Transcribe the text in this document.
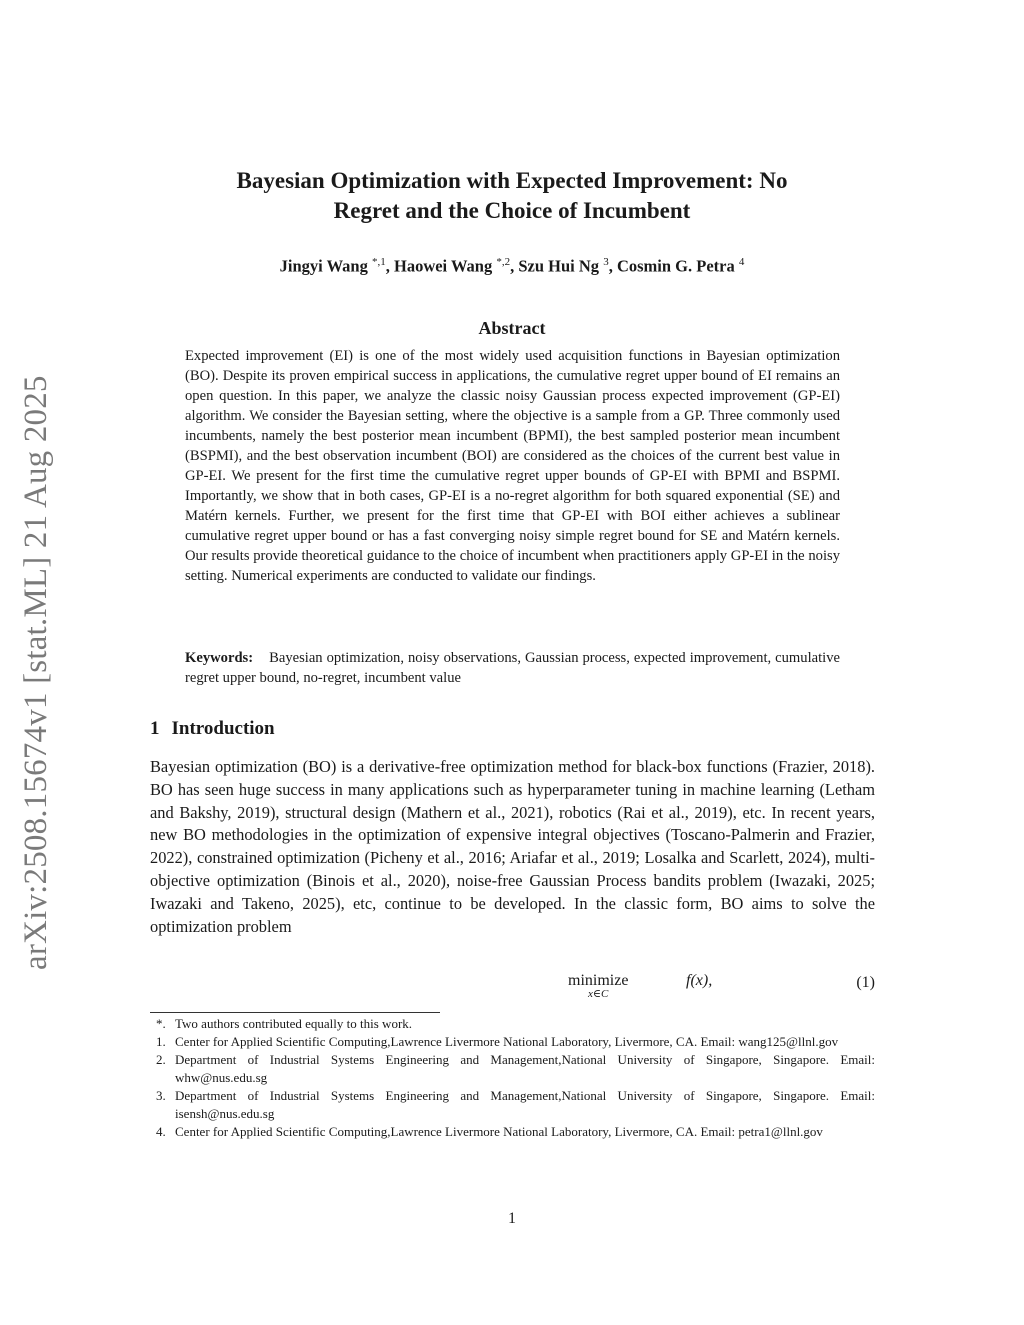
arXiv:2508.15674v1 [stat.ML] 21 Aug 2025
Bayesian Optimization with Expected Improvement: No
Regret and the Choice of Incumbent
Jingyi Wang $^{*,1}$, Haowei Wang $^{*,2}$, Szu Hui Ng $^3$, Cosmin G. Petra $^4$
Abstract
Expected improvement (EI) is one of the most widely used acquisition functions in Bayesian optimization (BO). Despite its proven empirical success in applications, the cumulative regret upper bound of EI remains an open question. In this paper, we analyze the classic noisy Gaussian process expected improvement (GP-EI) algorithm. We consider the Bayesian setting, where the objective is a sample from a GP. Three commonly used incumbents, namely the best posterior mean incumbent (BPMI), the best sampled posterior mean incumbent (BSPMI), and the best observation incumbent (BOI) are considered as the choices of the current best value in GP-EI. We present for the first time the cumulative regret upper bounds of GP-EI with BPMI and BSPMI. Importantly, we show that in both cases, GP-EI is a no-regret algorithm for both squared exponential (SE) and Matérn kernels. Further, we present for the first time that GP-EI with BOI either achieves a sublinear cumulative regret upper bound or has a fast converging noisy simple regret bound for SE and Matérn kernels. Our results provide theoretical guidance to the choice of incumbent when practitioners apply GP-EI in the noisy setting. Numerical experiments are conducted to validate our findings.
Keywords: Bayesian optimization, noisy observations, Gaussian process, expected improvement, cumulative regret upper bound, no-regret, incumbent value
1 Introduction
Bayesian optimization (BO) is a derivative-free optimization method for black-box functions (Frazier, 2018). BO has seen huge success in many applications such as hyperparameter tuning in machine learning (Letham and Bakshy, 2019), structural design (Mathern et al., 2021), robotics (Rai et al., 2019), etc. In recent years, new BO methodologies in the optimization of expensive integral objectives (Toscano-Palmerin and Frazier, 2022), constrained optimization (Picheny et al., 2016; Ariafar et al., 2019; Losalka and Scarlett, 2024), multi-objective optimization (Binois et al., 2020), noise-free Gaussian Process bandits problem (Iwazaki, 2025; Iwazaki and Takeno, 2025), etc, continue to be developed. In the classic form, BO aims to solve the optimization problem
minimize
x∈C
f(x),	(1)
*. Two authors contributed equally to this work.
1. Center for Applied Scientific Computing,Lawrence Livermore National Laboratory, Livermore, CA. Email: wang125@llnl.gov
2. Department of Industrial Systems Engineering and Management,National University of Singapore, Singapore. Email: whw@nus.edu.sg
3. Department of Industrial Systems Engineering and Management,National University of Singapore, Singapore. Email: isensh@nus.edu.sg
4. Center for Applied Scientific Computing,Lawrence Livermore National Laboratory, Livermore, CA. Email: petra1@llnl.gov
1
